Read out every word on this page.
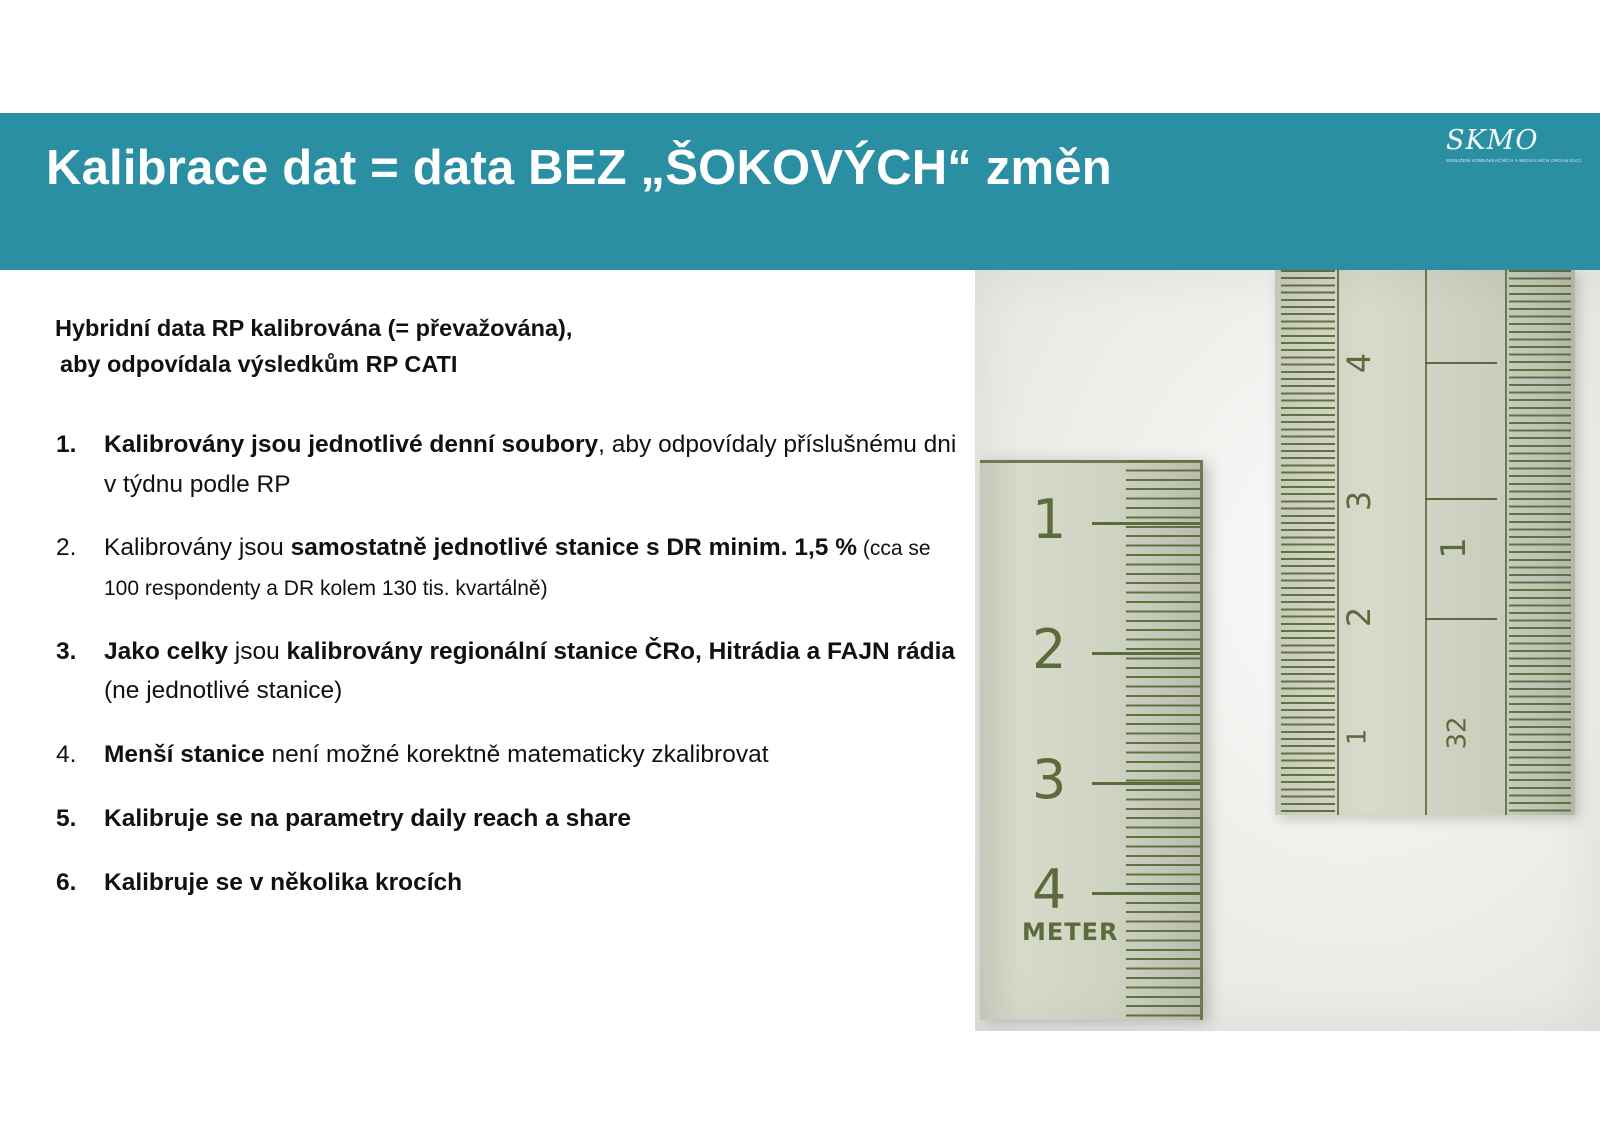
Kalibrace dat = data BEZ „ŠOKOVÝCH“ změn
SKMO
SDRUŽENÍ KOMUNIKAČNÍCH A MEDIÁLNÍCH ORGANIZACÍ
Hybridní data RP kalibrována (= převažována),
aby odpovídala výsledkům RP CATI
1.	Kalibrovány jsou jednotlivé denní soubory, aby odpovídaly příslušnému dni v týdnu podle RP
2.	Kalibrovány jsou samostatně jednotlivé stanice s DR minim. 1,5 % (cca se 100 respondenty a DR kolem 130 tis. kvartálně)
3.	Jako celky jsou kalibrovány regionální stanice ČRo, Hitrádia a FAJN rádia (ne jednotlivé stanice)
4.	Menší stanice není možné korektně matematicky zkalibrovat
5.	Kalibruje se na parametry daily reach a share
6.	Kalibruje se v několika krocích
1
2
3
4
METER
4
3
2
1
1
32
